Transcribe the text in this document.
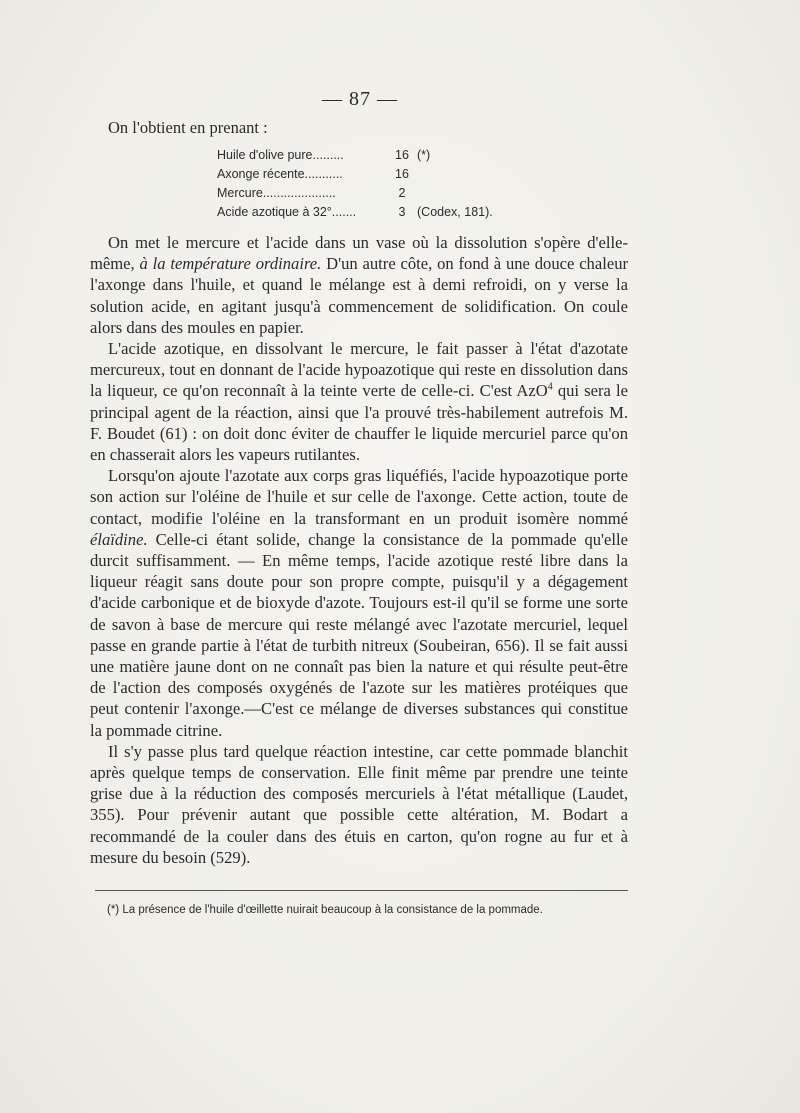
— 87 —
On l'obtient en prenant :
Huile d'olive pure.........	16 (*)
Axonge récente...........	16
Mercure.....................	2
Acide azotique à 32°.......	3 (Codex, 181).

On met le mercure et l'acide dans un vase où la dissolution s'opère d'elle-même, à la température ordinaire. D'un autre côte, on fond à une douce chaleur l'axonge dans l'huile, et quand le mélange est à demi refroidi, on y verse la solution acide, en agitant jusqu'à commencement de solidification. On coule alors dans des moules en papier.

L'acide azotique, en dissolvant le mercure, le fait passer à l'état d'azotate mercureux, tout en donnant de l'acide hypoazotique qui reste en dissolution dans la liqueur, ce qu'on reconnaît à la teinte verte de celle-ci. C'est AzO$^4$ qui sera le principal agent de la réaction, ainsi que l'a prouvé très-habilement autrefois M. F. Boudet (61) : on doit donc éviter de chauffer le liquide mercuriel parce qu'on en chasserait alors les vapeurs rutilantes.

Lorsqu'on ajoute l'azotate aux corps gras liquéfiés, l'acide hypoazotique porte son action sur l'oléine de l'huile et sur celle de l'axonge. Cette action, toute de contact, modifie l'oléine en la transformant en un produit isomère nommé élaïdine. Celle-ci étant solide, change la consistance de la pommade qu'elle durcit suffisamment. — En même temps, l'acide azotique resté libre dans la liqueur réagit sans doute pour son propre compte, puisqu'il y a dégagement d'acide carbonique et de bioxyde d'azote. Toujours est-il qu'il se forme une sorte de savon à base de mercure qui reste mélangé avec l'azotate mercuriel, lequel passe en grande partie à l'état de turbith nitreux (Soubeiran, 656). Il se fait aussi une matière jaune dont on ne connaît pas bien la nature et qui résulte peut-être de l'action des composés oxygénés de l'azote sur les matières protéiques que peut contenir l'axonge.—C'est ce mélange de diverses substances qui constitue la pommade citrine.

Il s'y passe plus tard quelque réaction intestine, car cette pommade blanchit après quelque temps de conservation. Elle finit même par prendre une teinte grise due à la réduction des composés mercuriels à l'état métallique (Laudet, 355). Pour prévenir autant que possible cette altération, M. Bodart a recommandé de la couler dans des étuis en carton, qu'on rogne au fur et à mesure du besoin (529).

(*) La présence de l'huile d'œillette nuirait beaucoup à la consistance de la pommade.
